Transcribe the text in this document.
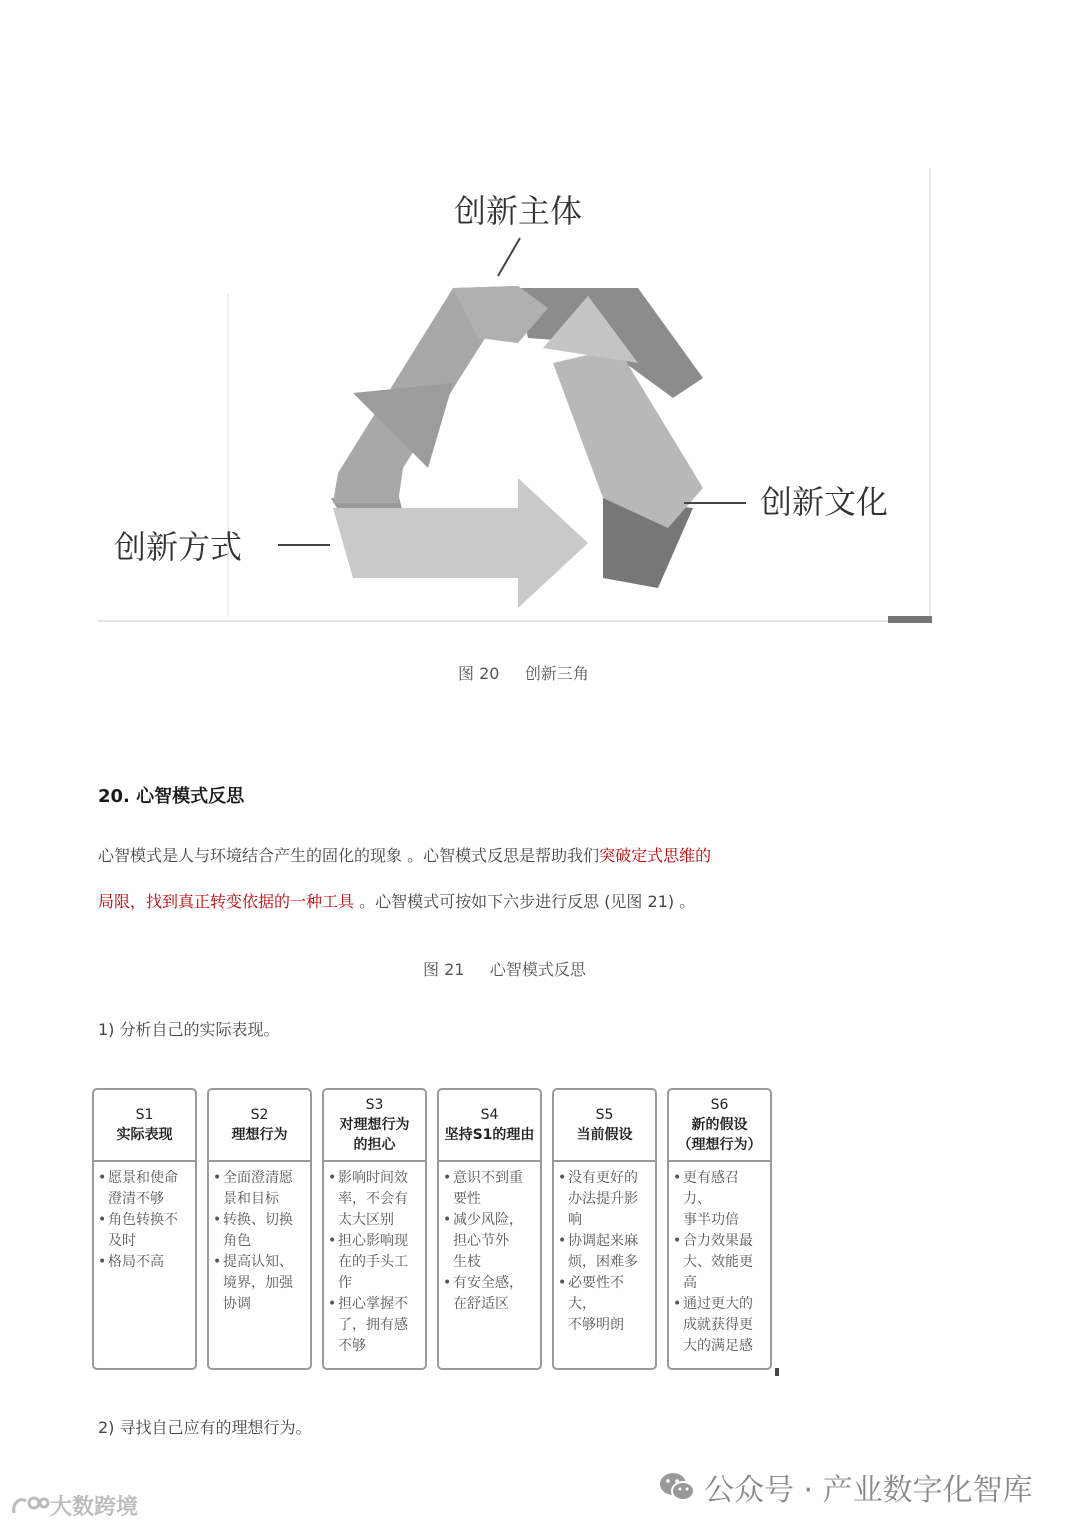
创新主体
创新文化
创新方式
图 20 创新三角
20. 心智模式反思
心智模式是人与环境结合产生的固化的现象 。心智模式反思是帮助我们突破定式思维的
局限，找到真正转变依据的一种工具 。心智模式可按如下六步进行反思 (见图 21) 。
图 21 心智模式反思
1) 分析自己的实际表现。
S1
实际表现
• 愿景和使命
澄清不够
• 角色转换不
及时
• 格局不高
S2
理想行为
• 全面澄清愿
景和目标
• 转换、切换
角色
• 提高认知、
境界，加强
协调
S3
对理想行为
的担心
• 影响时间效
率，不会有
太大区别
• 担心影响现
在的手头工
作
• 担心掌握不
了，拥有感
不够
S4
坚持S1的理由
• 意识不到重
要性
• 减少风险，
担心节外
生枝
• 有安全感，
在舒适区
S5
当前假设
• 没有更好的
办法提升影
响
• 协调起来麻
烦，困难多
• 必要性不大，
不够明朗
S6
新的假设
（理想行为）
• 更有感召力、
事半功倍
• 合力效果最
大、效能更
高
• 通过更大的
成就获得更
大的满足感
2) 寻找自己应有的理想行为。
公众号 · 产业数字化智库
大数跨境
